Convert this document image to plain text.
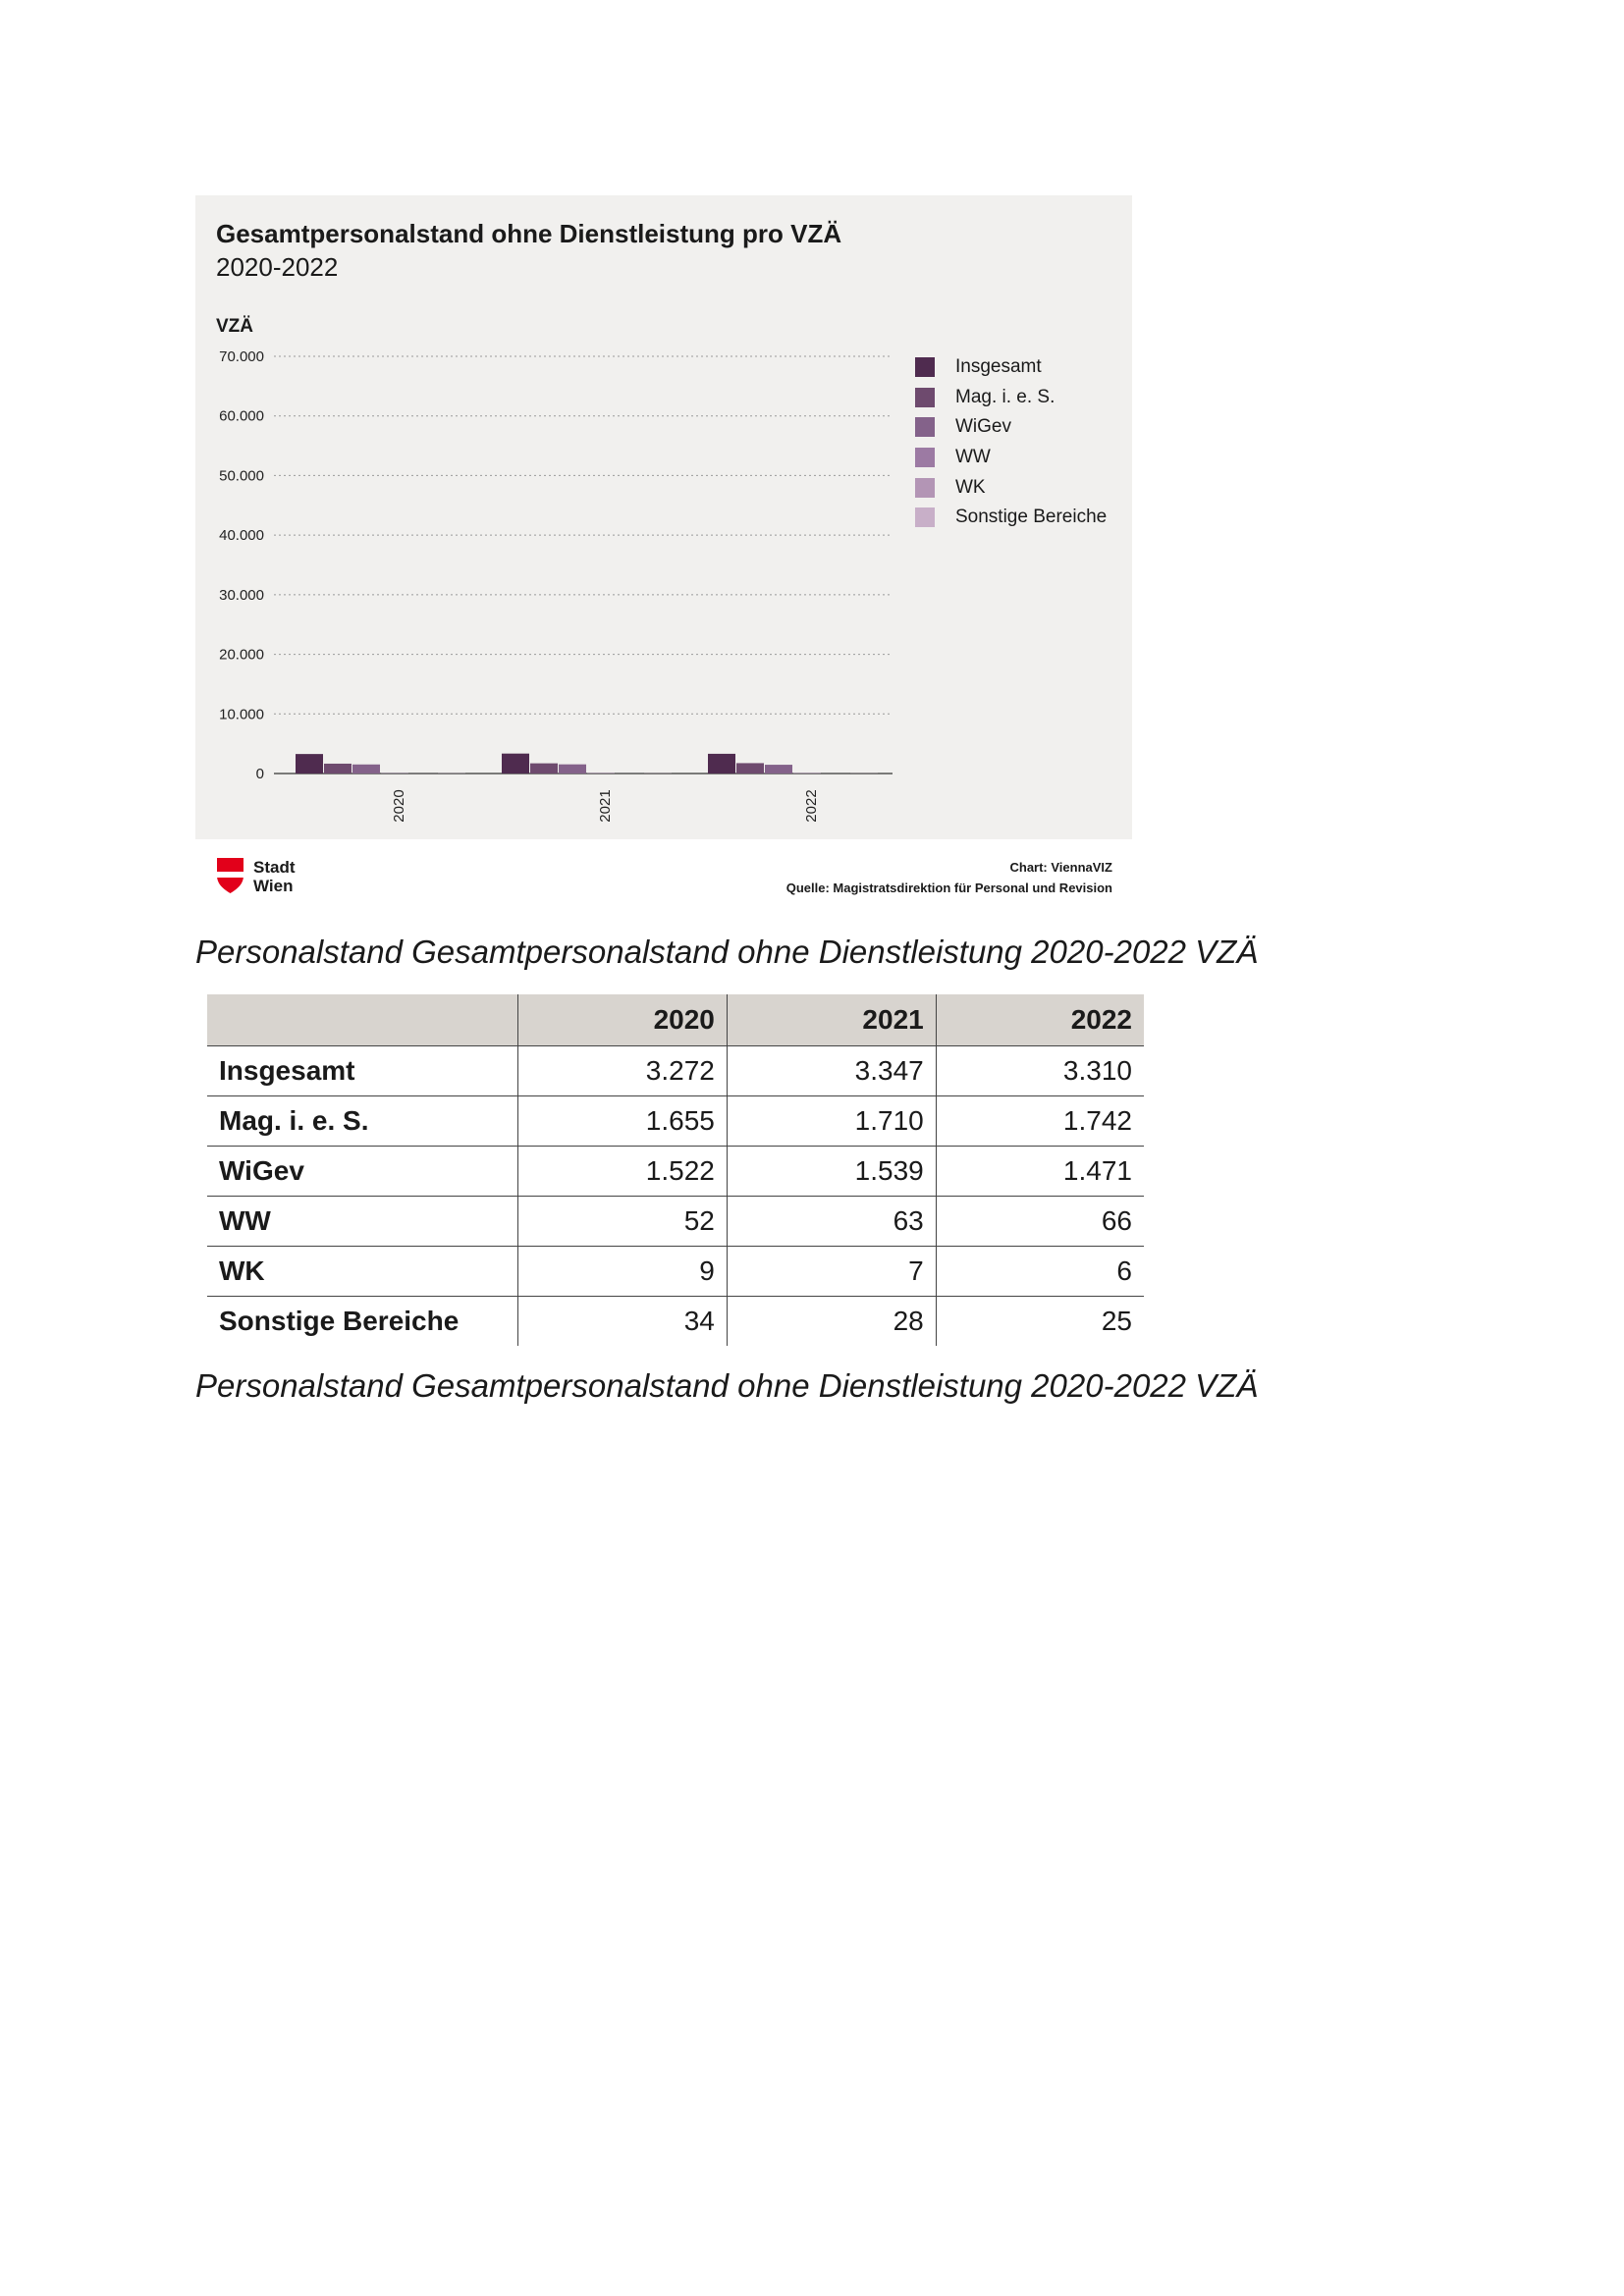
0
10.000
20.000
30.000
40.000
50.000
60.000
70.000
2020	2021	2022
Gesamtpersonalstand ohne Dienstleistung pro VZÄ
2020-2022
VZÄ
Insgesamt
Mag. i. e. S.
WiGev
WW
WK
Sonstige Bereiche
Stadt
Wien
Chart: ViennaVIZ
Quelle: Magistratsdirektion für Personal und Revision
Personalstand Gesamtpersonalstand ohne Dienstleistung 2020-2022 VZÄ
	2020	2021	2022
Insgesamt	3.272	3.347	3.310
Mag. i. e. S.	1.655	1.710	1.742
WiGev	1.522	1.539	1.471
WW	52	63	66
WK	9	7	6
Sonstige Bereiche	34	28	25
Personalstand Gesamtpersonalstand ohne Dienstleistung 2020-2022 VZÄ
